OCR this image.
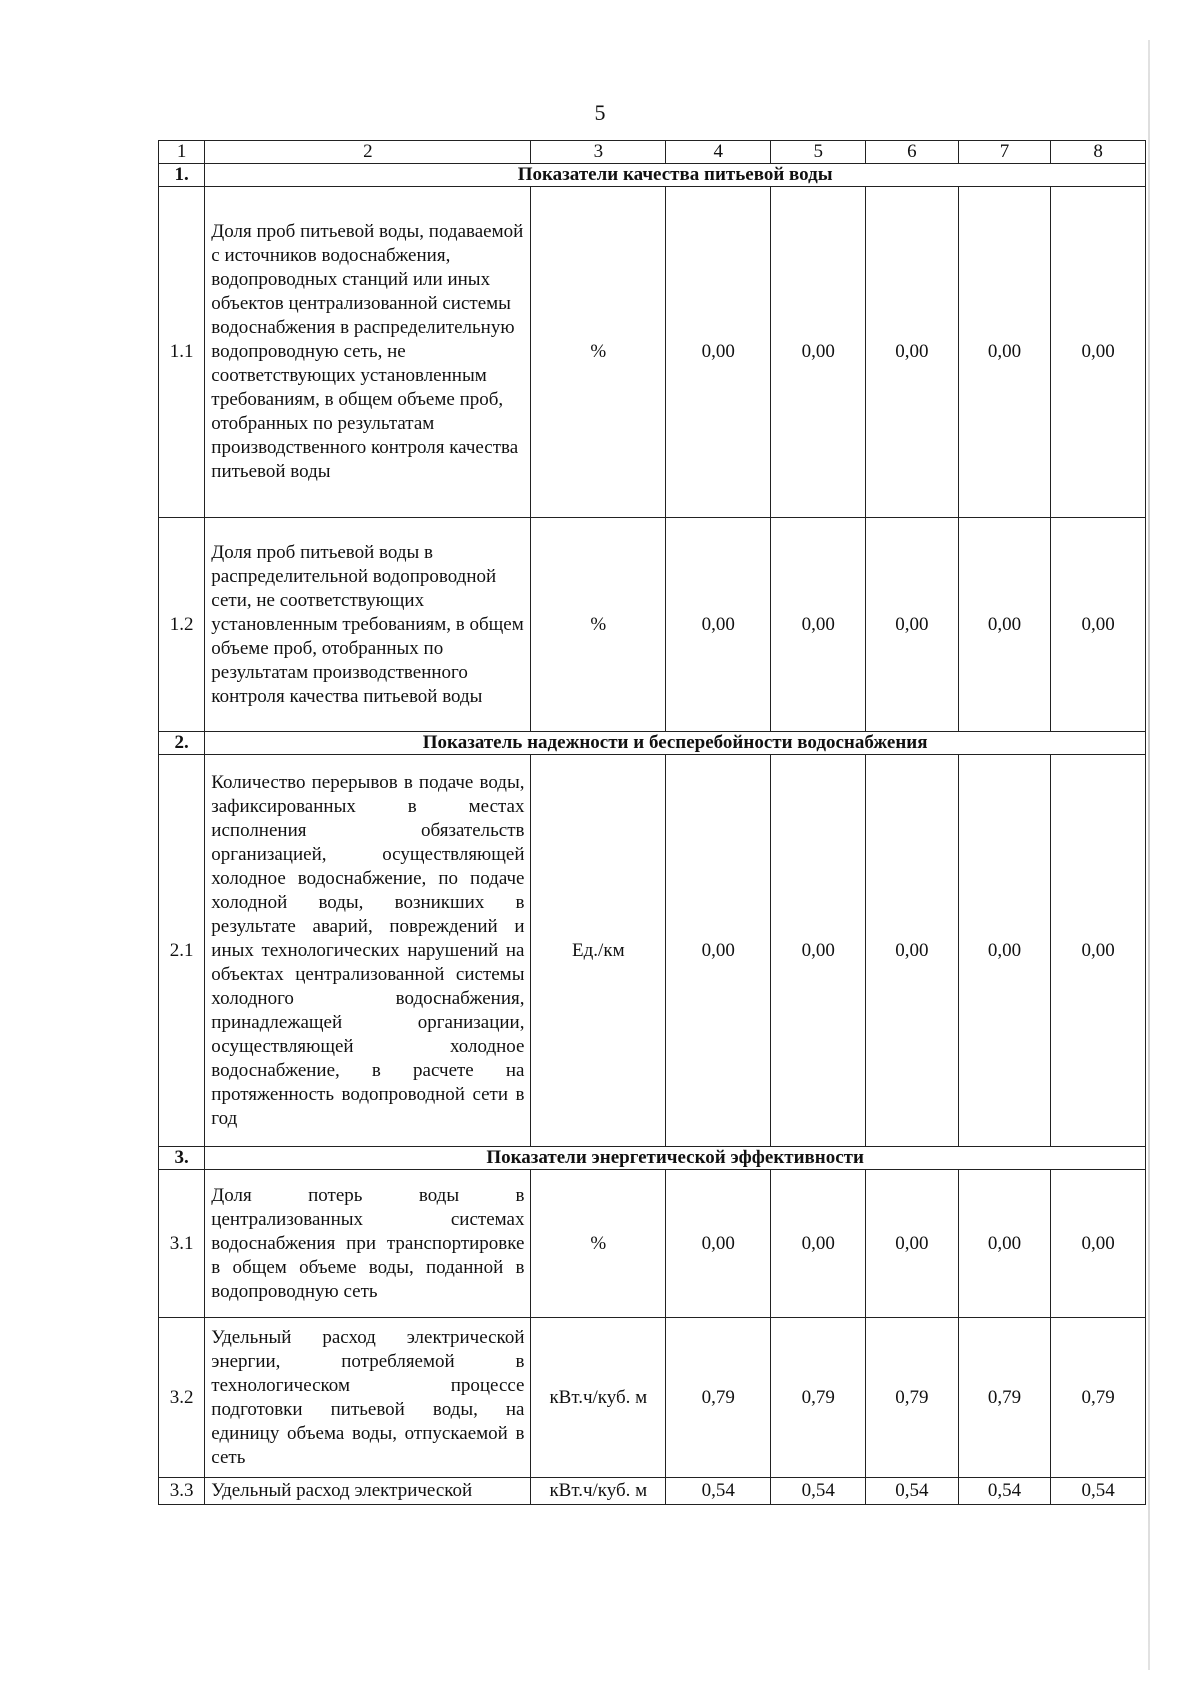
5
1	2	3	4	5	6	7	8
1.	Показатели качества питьевой воды						
1.1	Доля проб питьевой воды, подаваемой с источников водоснабжения, водопроводных станций или иных объектов централизованной системы водоснабжения в распределительную водопроводную сеть, не соответствующих установленным требованиям, в общем объеме проб, отобранных по результатам производственного контроля качества питьевой воды	%	0,00	0,00	0,00	0,00	0,00
1.2	Доля проб питьевой воды в распределительной водопроводной сети, не соответствующих установленным требованиям, в общем объеме проб, отобранных по результатам производственного контроля качества питьевой воды	%	0,00	0,00	0,00	0,00	0,00
2.	Показатель надежности и бесперебойности водоснабжения						
2.1	Количество перерывов в подаче воды, зафиксированных в местах исполнения обязательств организацией, осуществляющей холодное водоснабжение, по подаче холодной воды, возникших в результате аварий, повреждений и иных технологических нарушений на объектах централизованной системы холодного водоснабжения, принадлежащей организации, осуществляющей холодное водоснабжение, в расчете на протяженность водопроводной сети в год	Ед./км	0,00	0,00	0,00	0,00	0,00
3.	Показатели энергетической эффективности						
3.1	Доля потерь воды в централизованных системах водоснабжения при транспортировке в общем объеме воды, поданной в водопроводную сеть	%	0,00	0,00	0,00	0,00	0,00
3.2	Удельный расход электрической энергии, потребляемой в технологическом процессе подготовки питьевой воды, на единицу объема воды, отпускаемой в сеть	кВт.ч/куб. м	0,79	0,79	0,79	0,79	0,79
3.3	Удельный расход электрической	кВт.ч/куб. м	0,54	0,54	0,54	0,54	0,54
